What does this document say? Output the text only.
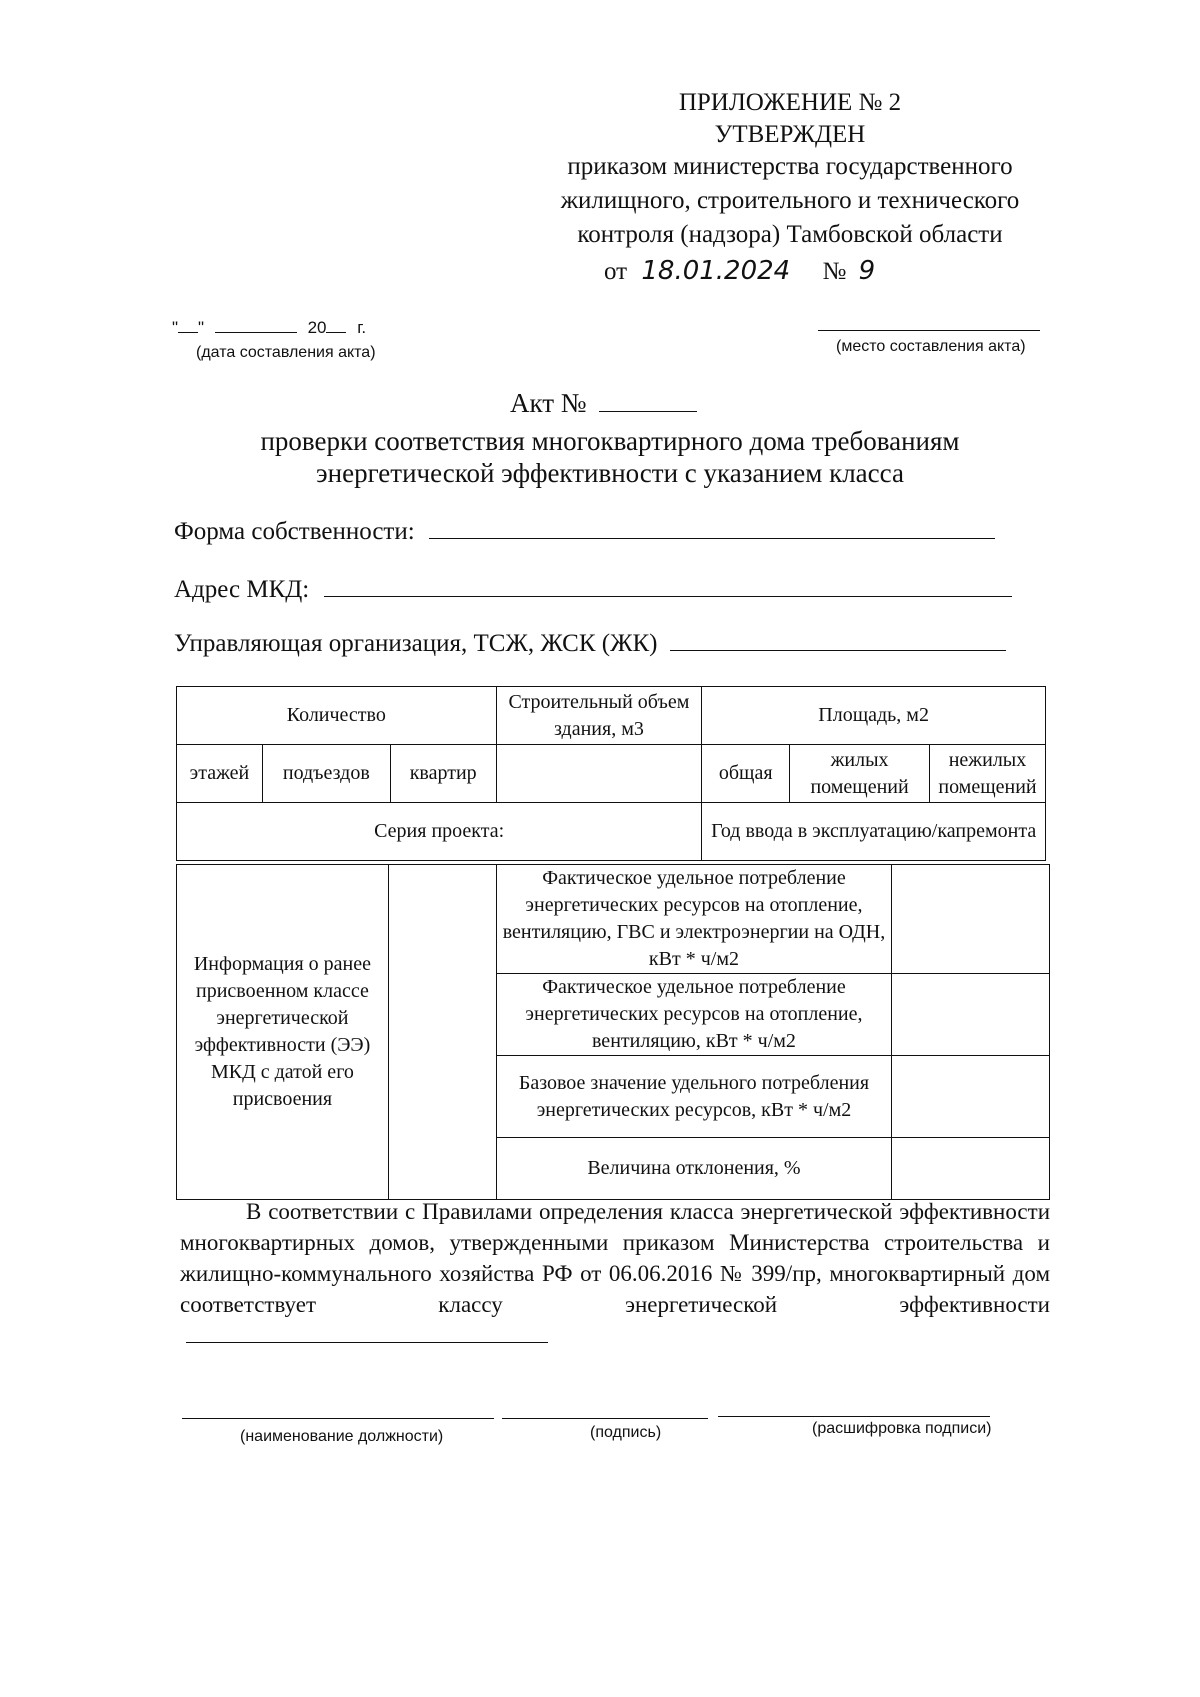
ПРИЛОЖЕНИЕ № 2
УТВЕРЖДЕН
приказом министерства государственного
жилищного, строительного и технического
контроля (надзора) Тамбовской области
от 18.01.2024 № 9
" "	20 г.
(дата составления акта)	(место составления акта)
Акт №
проверки соответствия многоквартирного дома требованиям
энергетической эффективности с указанием класса
Форма собственности:
Адрес МКД:
Управляющая организация, ТСЖ, ЖСК (ЖК)
Количество			Строительный объем здания, м3	Площадь, м2		
этажей	подъездов	квартир		общая	жилых помещений	нежилых помещений
Серия проекта:				Год ввода в эксплуатацию/капремонта		
Информация о ранее присвоенном классе энергетической эффективности (ЭЭ) МКД с датой его присвоения		Фактическое удельное потребление энергетических ресурсов на отопление, вентиляцию, ГВС и электроэнергии на ОДН, кВт * ч/м2	
		Фактическое удельное потребление энергетических ресурсов на отопление, вентиляцию, кВт * ч/м2	
		Базовое значение удельного потребления энергетических ресурсов, кВт * ч/м2	
		Величина отклонения, %	
В соответствии с Правилами определения класса энергетической эффективности многоквартирных домов, утвержденными приказом Министерства строительства и жилищно-коммунального хозяйства РФ от 06.06.2016 № 399/пр, многоквартирный дом соответствует классу энергетической эффективности
(наименование должности)	(подпись)	(расшифровка подписи)
